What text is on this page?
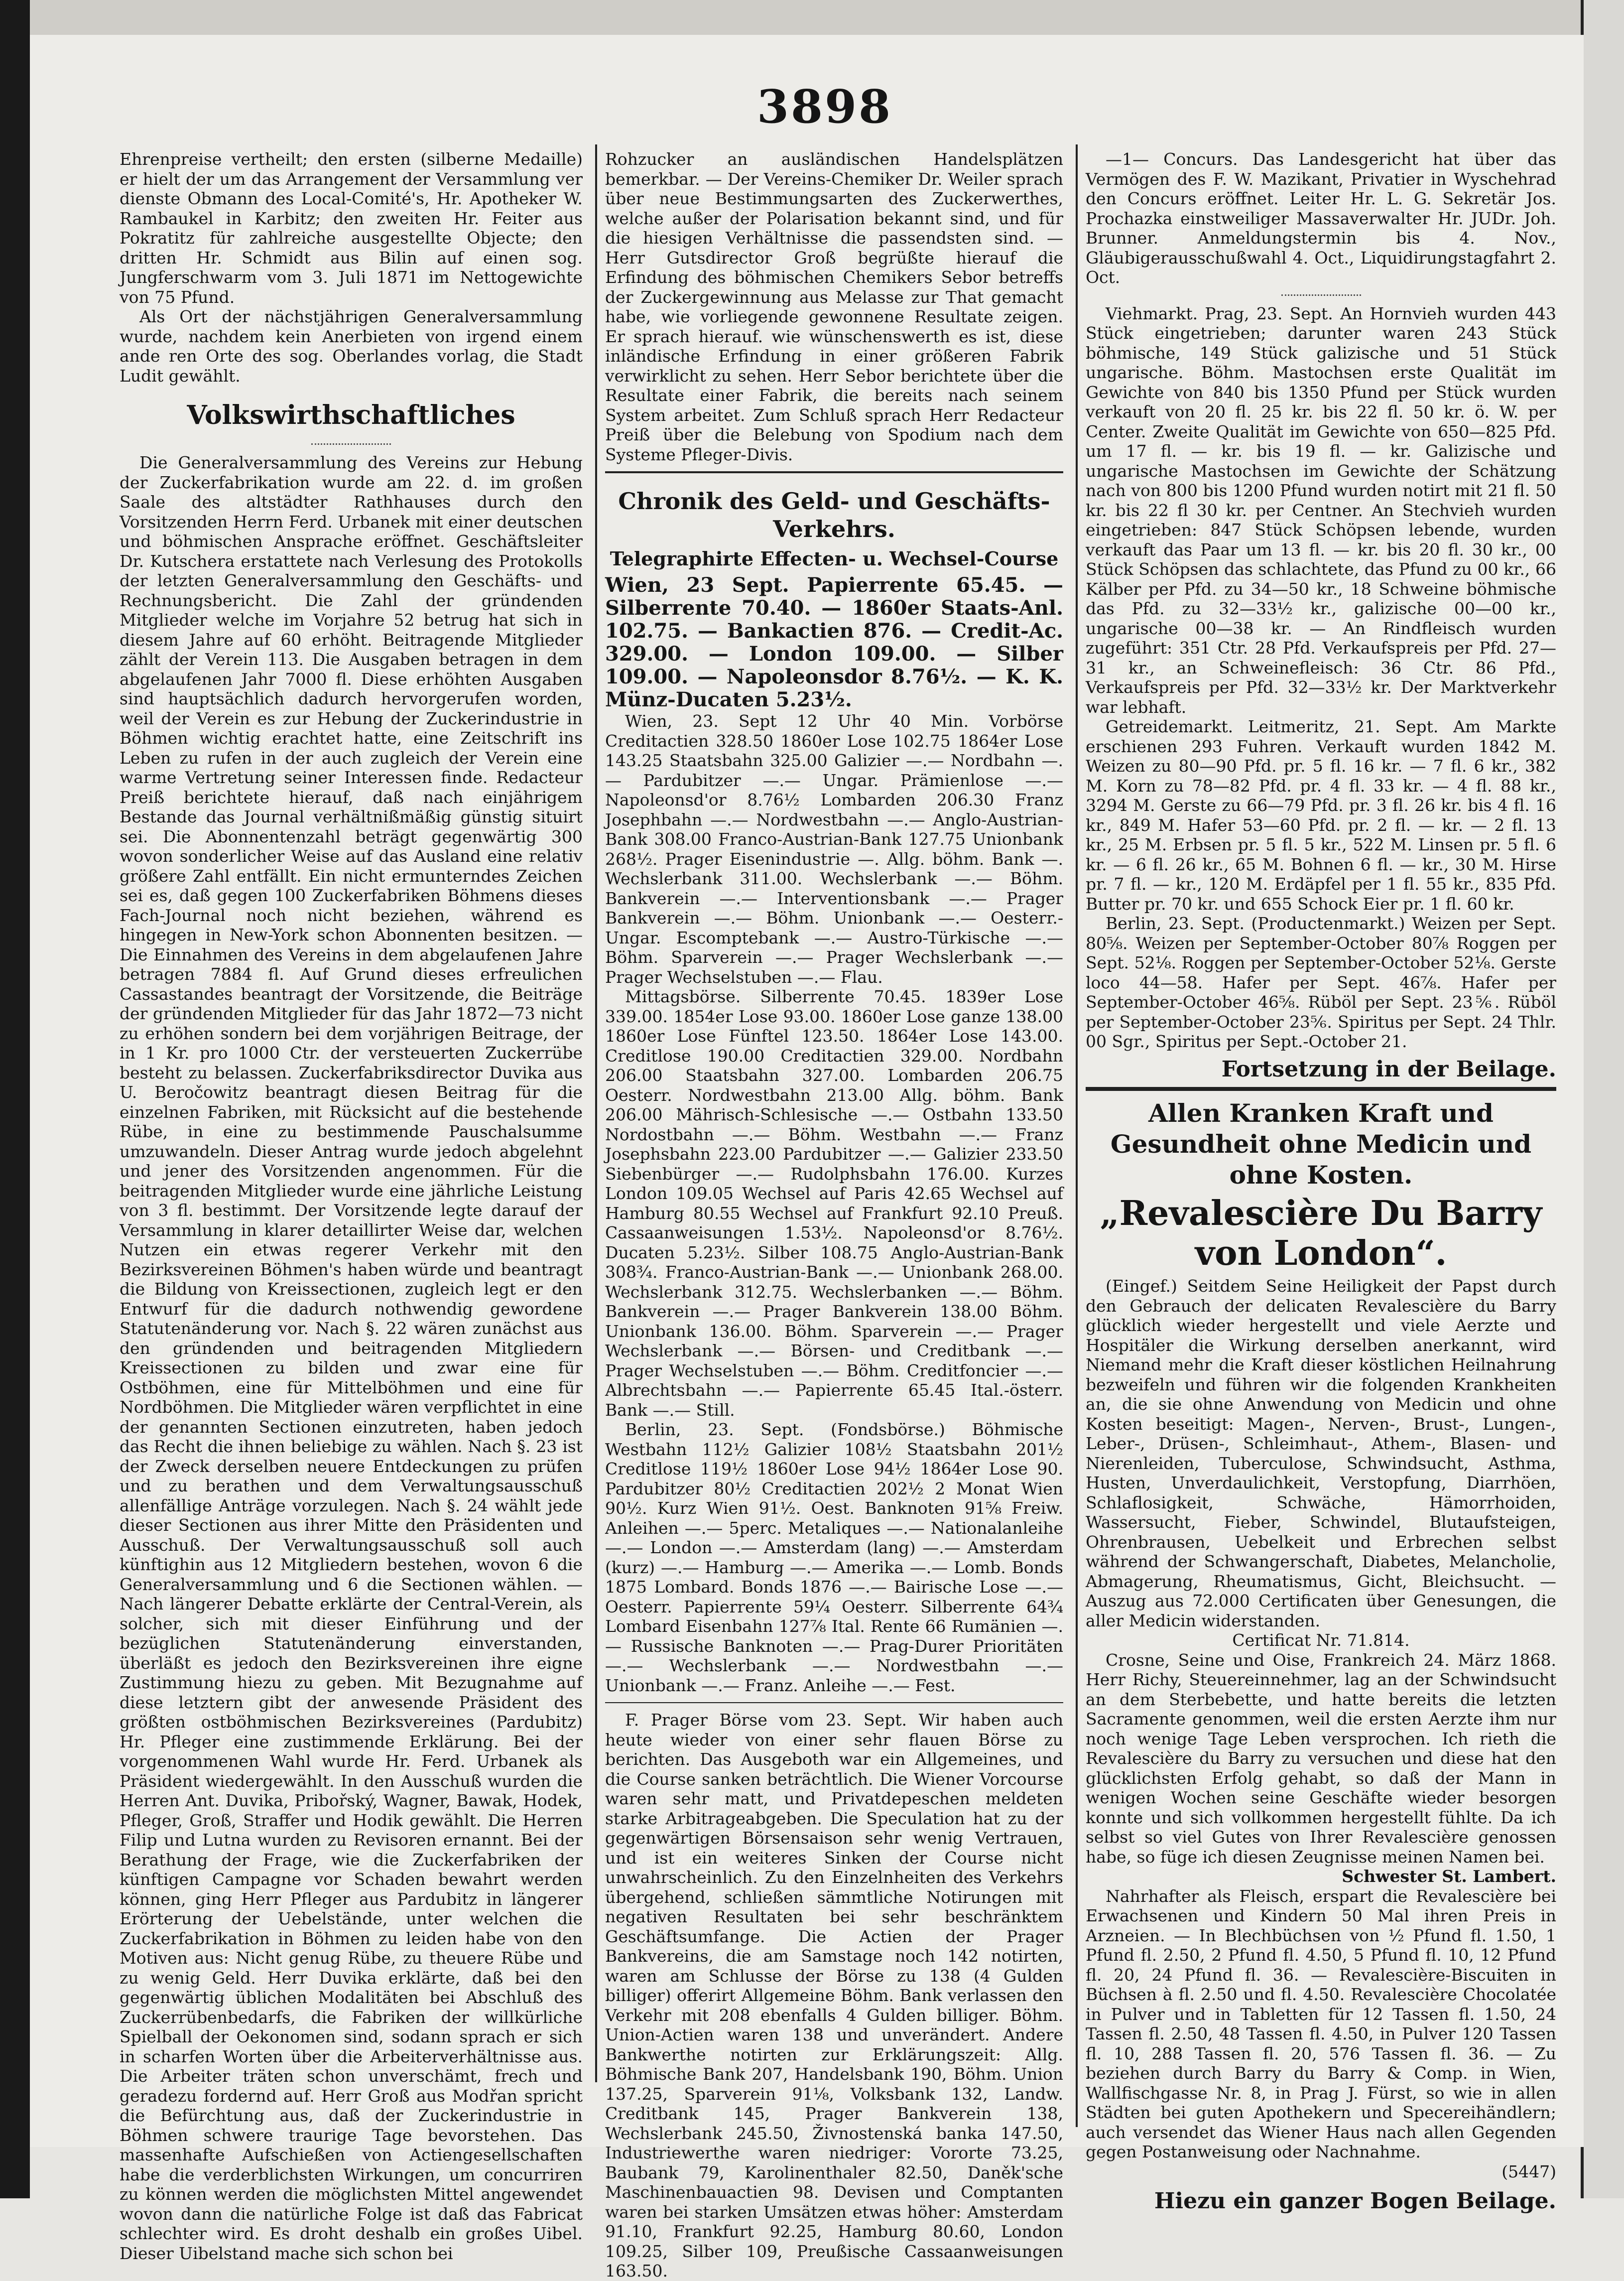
3898

Ehrenpreise vertheilt; den ersten (silberne Medaille) er hielt der um das Arrangement der Versammlung ver dienste Obmann des Local-Comité's, Hr. Apotheker W. Rambaukel in Karbitz; den zweiten Hr. Feiter aus Pokratitz für zahlreiche ausgestellte Objecte; den dritten Hr. Schmidt aus Bilin auf einen sog. Jungferschwarm vom 3. Juli 1871 im Nettogewichte von 75 Pfund.

Als Ort der nächstjährigen Generalversammlung wurde, nachdem kein Anerbieten von irgend einem ande ren Orte des sog. Oberlandes vorlag, die Stadt Ludit gewählt.

Volkswirthschaftliches

Die Generalversammlung des Vereins zur Hebung der Zuckerfabrikation wurde am 22. d. im großen Saale des altstädter Rathhauses durch den Vorsitzenden Herrn Ferd. Urbanek mit einer deutschen und böhmischen Ansprache eröffnet. Geschäftsleiter Dr. Kutschera erstattete nach Verlesung des Protokolls der letzten Generalversammlung den Geschäfts- und Rechnungsbericht. Die Zahl der gründenden Mitglieder welche im Vorjahre 52 betrug hat sich in diesem Jahre auf 60 erhöht. Beitragende Mitglieder zählt der Verein 113. Die Ausgaben betragen in dem abgelaufenen Jahr 7000 fl. Diese erhöhten Ausgaben sind hauptsächlich dadurch hervorgerufen worden, weil der Verein es zur Hebung der Zuckerindustrie in Böhmen wichtig erachtet hatte, eine Zeitschrift ins Leben zu rufen in der auch zugleich der Verein eine warme Vertretung seiner Interessen finde. Redacteur Preiß berichtete hierauf, daß nach einjährigem Bestande das Journal verhältnißmäßig günstig situirt sei. Die Abonnentenzahl beträgt gegenwärtig 300 wovon sonderlicher Weise auf das Ausland eine relativ größere Zahl entfällt. Ein nicht ermunterndes Zeichen sei es, daß gegen 100 Zuckerfabriken Böhmens dieses Fach-Journal noch nicht beziehen, während es hingegen in New-York schon Abonnenten besitzen. — Die Einnahmen des Vereins in dem abgelaufenen Jahre betragen 7884 fl. Auf Grund dieses erfreulichen Cassastandes beantragt der Vorsitzende, die Beiträge der gründenden Mitglieder für das Jahr 1872—73 nicht zu erhöhen sondern bei dem vorjährigen Beitrage, der in 1 Kr. pro 1000 Ctr. der versteuerten Zuckerrübe besteht zu belassen. Zuckerfabriksdirector Duvika aus U. Beročowitz beantragt diesen Beitrag für die einzelnen Fabriken, mit Rücksicht auf die bestehende Rübe, in eine zu bestimmende Pauschalsumme umzuwandeln. Dieser Antrag wurde jedoch abgelehnt und jener des Vorsitzenden angenommen. Für die beitragenden Mitglieder wurde eine jährliche Leistung von 3 fl. bestimmt. Der Vorsitzende legte darauf der Versammlung in klarer detaillirter Weise dar, welchen Nutzen ein etwas regerer Verkehr mit den Bezirksvereinen Böhmen's haben würde und beantragt die Bildung von Kreissectionen, zugleich legt er den Entwurf für die dadurch nothwendig gewordene Statutenänderung vor. Nach §. 22 wären zunächst aus den gründenden und beitragenden Mitgliedern Kreissectionen zu bilden und zwar eine für Ostböhmen, eine für Mittelböhmen und eine für Nordböhmen. Die Mitglieder wären verpflichtet in eine der genannten Sectionen einzutreten, haben jedoch das Recht die ihnen beliebige zu wählen. Nach §. 23 ist der Zweck derselben neuere Entdeckungen zu prüfen und zu berathen und dem Verwaltungsausschuß allenfällige Anträge vorzulegen. Nach §. 24 wählt jede dieser Sectionen aus ihrer Mitte den Präsidenten und Ausschuß. Der Verwaltungsausschuß soll auch künftighin aus 12 Mitgliedern bestehen, wovon 6 die Generalversammlung und 6 die Sectionen wählen. — Nach längerer Debatte erklärte der Central-Verein, als solcher, sich mit dieser Einführung und der bezüglichen Statutenänderung einverstanden, überläßt es jedoch den Bezirksvereinen ihre eigne Zustimmung hiezu zu geben. Mit Bezugnahme auf diese letztern gibt der anwesende Präsident des größten ostböhmischen Bezirksvereines (Pardubitz) Hr. Pfleger eine zustimmende Erklärung. Bei der vorgenommenen Wahl wurde Hr. Ferd. Urbanek als Präsident wiedergewählt. In den Ausschuß wurden die Herren Ant. Duvika, Pribořský, Wagner, Bawak, Hodek, Pfleger, Groß, Straffer und Hodik gewählt. Die Herren Filip und Lutna wurden zu Revisoren ernannt. Bei der Berathung der Frage, wie die Zuckerfabriken der künftigen Campagne vor Schaden bewahrt werden können, ging Herr Pfleger aus Pardubitz in längerer Erörterung der Uebelstände, unter welchen die Zuckerfabrikation in Böhmen zu leiden habe von den Motiven aus: Nicht genug Rübe, zu theuere Rübe und zu wenig Geld. Herr Duvika erklärte, daß bei den gegenwärtig üblichen Modalitäten bei Abschluß des Zuckerrübenbedarfs, die Fabriken der willkürliche Spielball der Oekonomen sind, sodann sprach er sich in scharfen Worten über die Arbeiterverhältnisse aus. Die Arbeiter träten schon unverschämt, frech und geradezu fordernd auf. Herr Groß aus Modřan spricht die Befürchtung aus, daß der Zuckerindustrie in Böhmen schwere traurige Tage bevorstehen. Das massenhafte Aufschießen von Actiengesellschaften habe die verderblichsten Wirkungen, um concurriren zu können werden die möglichsten Mittel angewendet wovon dann die natürliche Folge ist daß das Fabricat schlechter wird. Es droht deshalb ein großes Uibel. Dieser Uibelstand mache sich schon bei

Rohzucker an ausländischen Handelsplätzen bemerkbar. — Der Vereins-Chemiker Dr. Weiler sprach über neue Bestimmungsarten des Zuckerwerthes, welche außer der Polarisation bekannt sind, und für die hiesigen Verhältnisse die passendsten sind. — Herr Gutsdirector Groß begrüßte hierauf die Erfindung des böhmischen Chemikers Sebor betreffs der Zuckergewinnung aus Melasse zur That gemacht habe, wie vorliegende gewonnene Resultate zeigen. Er sprach hierauf. wie wünschenswerth es ist, diese inländische Erfindung in einer größeren Fabrik verwirklicht zu sehen. Herr Sebor berichtete über die Resultate einer Fabrik, die bereits nach seinem System arbeitet. Zum Schluß sprach Herr Redacteur Preiß über die Belebung von Spodium nach dem Systeme Pfleger-Divis.

Chronik des Geld- und Geschäfts-Verkehrs.
Telegraphirte Effecten- u. Wechsel-Course

Wien, 23 Sept. Papierrente 65.45. — Silberrente 70.40. — 1860er Staats-Anl. 102.75. — Bankactien 876. — Credit-Ac. 329.00. — London 109.00. — Silber 109.00. — Napoleonsdor 8.76½. — K. K. Münz-Ducaten 5.23½.

Wien, 23. Sept 12 Uhr 40 Min. Vorbörse Creditactien 328.50 1860er Lose 102.75 1864er Lose 143.25 Staatsbahn 325.00 Galizier —.— Nordbahn —.— Pardubitzer —.— Ungar. Prämienlose —.— Napoleonsd'or 8.76½ Lombarden 206.30 Franz Josephbahn —.— Nordwestbahn —.— Anglo-Austrian-Bank 308.00 Franco-Austrian-Bank 127.75 Unionbank 268½. Prager Eisenindustrie —. Allg. böhm. Bank —. Wechslerbank 311.00. Wechslerbank —.— Böhm. Bankverein —.— Interventionsbank —.— Prager Bankverein —.— Böhm. Unionbank —.— Oesterr.-Ungar. Escomptebank —.— Austro-Türkische —.— Böhm. Sparverein —.— Prager Wechslerbank —.— Prager Wechselstuben —.— Flau.

Mittagsbörse. Silberrente 70.45. 1839er Lose 339.00. 1854er Lose 93.00. 1860er Lose ganze 138.00 1860er Lose Fünftel 123.50. 1864er Lose 143.00. Creditlose 190.00 Creditactien 329.00. Nordbahn 206.00 Staatsbahn 327.00. Lombarden 206.75 Oesterr. Nordwestbahn 213.00 Allg. böhm. Bank 206.00 Mährisch-Schlesische —.— Ostbahn 133.50 Nordostbahn —.— Böhm. Westbahn —.— Franz Josephsbahn 223.00 Pardubitzer —.— Galizier 233.50 Siebenbürger —.— Rudolphsbahn 176.00. Kurzes London 109.05 Wechsel auf Paris 42.65 Wechsel auf Hamburg 80.55 Wechsel auf Frankfurt 92.10 Preuß. Cassaanweisungen 1.53½. Napoleonsd'or 8.76½. Ducaten 5.23½. Silber 108.75 Anglo-Austrian-Bank 308¾. Franco-Austrian-Bank —.— Unionbank 268.00. Wechslerbank 312.75. Wechslerbanken —.— Böhm. Bankverein —.— Prager Bankverein 138.00 Böhm. Unionbank 136.00. Böhm. Sparverein —.— Prager Wechslerbank —.— Börsen- und Creditbank —.— Prager Wechselstuben —.— Böhm. Creditfoncier —.— Albrechtsbahn —.— Papierrente 65.45 Ital.-österr. Bank —.— Still.

Berlin, 23. Sept. (Fondsbörse.) Böhmische Westbahn 112½ Galizier 108½ Staatsbahn 201½ Creditlose 119½ 1860er Lose 94½ 1864er Lose 90. Pardubitzer 80½ Creditactien 202½ 2 Monat Wien 90½. Kurz Wien 91½. Oest. Banknoten 91⅝ Freiw. Anleihen —.— 5perc. Metaliques —.— Nationalanleihe —.— London —.— Amsterdam (lang) —.— Amsterdam (kurz) —.— Hamburg —.— Amerika —.— Lomb. Bonds 1875 Lombard. Bonds 1876 —.— Bairische Lose —.— Oesterr. Papierrente 59¼ Oesterr. Silberrente 64¾ Lombard Eisenbahn 127⅞ Ital. Rente 66 Rumänien —.— Russische Banknoten —.— Prag-Durer Prioritäten —.— Wechslerbank —.— Nordwestbahn —.— Unionbank —.— Franz. Anleihe —.— Fest.

F. Prager Börse vom 23. Sept. Wir haben auch heute wieder von einer sehr flauen Börse zu berichten. Das Ausgeboth war ein Allgemeines, und die Course sanken beträchtlich. Die Wiener Vorcourse waren sehr matt, und Privatdepeschen meldeten starke Arbitrageabgeben. Die Speculation hat zu der gegenwärtigen Börsensaison sehr wenig Vertrauen, und ist ein weiteres Sinken der Course nicht unwahrscheinlich. Zu den Einzelnheiten des Verkehrs übergehend, schließen sämmtliche Notirungen mit negativen Resultaten bei sehr beschränktem Geschäftsumfange. Die Actien der Prager Bankvereins, die am Samstage noch 142 notirten, waren am Schlusse der Börse zu 138 (4 Gulden billiger) offerirt Allgemeine Böhm. Bank verlassen den Verkehr mit 208 ebenfalls 4 Gulden billiger. Böhm. Union-Actien waren 138 und unverändert. Andere Bankwerthe notirten zur Erklärungszeit: Allg. Böhmische Bank 207, Handelsbank 190, Böhm. Union 137.25, Sparverein 91⅛, Volksbank 132, Landw. Creditbank 145, Prager Bankverein 138, Wechslerbank 245.50, Živnostenská banka 147.50, Industriewerthe waren niedriger: Vororte 73.25, Baubank 79, Karolinenthaler 82.50, Daněk'sche Maschinenbauactien 98. Devisen und Comptanten waren bei starken Umsätzen etwas höher: Amsterdam 91.10, Frankfurt 92.25, Hamburg 80.60, London 109.25, Silber 109, Preußische Cassaanweisungen 163.50.

—1— Concurs. Das Landesgericht hat über das Vermögen des F. W. Mazikant, Privatier in Wyschehrad den Concurs eröffnet. Leiter Hr. L. G. Sekretär Jos. Prochazka einstweiliger Massaverwalter Hr. JUDr. Joh. Brunner. Anmeldungstermin bis 4. Nov., Gläubigerausschußwahl 4. Oct., Liquidirungstagfahrt 2. Oct.

Viehmarkt. Prag, 23. Sept. An Hornvieh wurden 443 Stück eingetrieben; darunter waren 243 Stück böhmische, 149 Stück galizische und 51 Stück ungarische. Böhm. Mastochsen erste Qualität im Gewichte von 840 bis 1350 Pfund per Stück wurden verkauft von 20 fl. 25 kr. bis 22 fl. 50 kr. ö. W. per Center. Zweite Qualität im Gewichte von 650—825 Pfd. um 17 fl. — kr. bis 19 fl. — kr. Galizische und ungarische Mastochsen im Gewichte der Schätzung nach von 800 bis 1200 Pfund wurden notirt mit 21 fl. 50 kr. bis 22 fl 30 kr. per Centner. An Stechvieh wurden eingetrieben: 847 Stück Schöpsen lebende, wurden verkauft das Paar um 13 fl. — kr. bis 20 fl. 30 kr., 00 Stück Schöpsen das schlachtete, das Pfund zu 00 kr., 66 Kälber per Pfd. zu 34—50 kr., 18 Schweine böhmische das Pfd. zu 32—33½ kr., galizische 00—00 kr., ungarische 00—38 kr. — An Rindfleisch wurden zugeführt: 351 Ctr. 28 Pfd. Verkaufspreis per Pfd. 27—31 kr., an Schweinefleisch: 36 Ctr. 86 Pfd., Verkaufspreis per Pfd. 32—33½ kr. Der Marktverkehr war lebhaft.

Getreidemarkt. Leitmeritz, 21. Sept. Am Markte erschienen 293 Fuhren. Verkauft wurden 1842 M. Weizen zu 80—90 Pfd. pr. 5 fl. 16 kr. — 7 fl. 6 kr., 382 M. Korn zu 78—82 Pfd. pr. 4 fl. 33 kr. — 4 fl. 88 kr., 3294 M. Gerste zu 66—79 Pfd. pr. 3 fl. 26 kr. bis 4 fl. 16 kr., 849 M. Hafer 53—60 Pfd. pr. 2 fl. — kr. — 2 fl. 13 kr., 25 M. Erbsen pr. 5 fl. 5 kr., 522 M. Linsen pr. 5 fl. 6 kr. — 6 fl. 26 kr., 65 M. Bohnen 6 fl. — kr., 30 M. Hirse pr. 7 fl. — kr., 120 M. Erdäpfel per 1 fl. 55 kr., 835 Pfd. Butter pr. 70 kr. und 655 Schock Eier pr. 1 fl. 60 kr.

Berlin, 23. Sept. (Productenmarkt.) Weizen per Sept. 80⅝. Weizen per September-October 80⅞ Roggen per Sept. 52⅛. Roggen per September-October 52⅛. Gerste loco 44—58. Hafer per Sept. 46⅞. Hafer per September-October 46⅝. Rüböl per Sept. 23⅚. Rüböl per September-October 23⅚. Spiritus per Sept. 24 Thlr. 00 Sgr., Spiritus per Sept.-October 21.

Fortsetzung in der Beilage.
Allen Kranken Kraft und Gesundheit ohne Medicin und ohne Kosten.
„Revalescière Du Barry von London“.

(Eingef.) Seitdem Seine Heiligkeit der Papst durch den Gebrauch der delicaten Revalescière du Barry glücklich wieder hergestellt und viele Aerzte und Hospitäler die Wirkung derselben anerkannt, wird Niemand mehr die Kraft dieser köstlichen Heilnahrung bezweifeln und führen wir die folgenden Krankheiten an, die sie ohne Anwendung von Medicin und ohne Kosten beseitigt: Magen-, Nerven-, Brust-, Lungen-, Leber-, Drüsen-, Schleimhaut-, Athem-, Blasen- und Nierenleiden, Tuberculose, Schwindsucht, Asthma, Husten, Unverdaulichkeit, Verstopfung, Diarrhöen, Schlaflosigkeit, Schwäche, Hämorrhoiden, Wassersucht, Fieber, Schwindel, Blutaufsteigen, Ohrenbrausen, Uebelkeit und Erbrechen selbst während der Schwangerschaft, Diabetes, Melancholie, Abmagerung, Rheumatismus, Gicht, Bleichsucht. — Auszug aus 72.000 Certificaten über Genesungen, die aller Medicin widerstanden.

Certificat Nr. 71.814.

Crosne, Seine und Oise, Frankreich 24. März 1868. Herr Richy, Steuereinnehmer, lag an der Schwindsucht an dem Sterbebette, und hatte bereits die letzten Sacramente genommen, weil die ersten Aerzte ihm nur noch wenige Tage Leben versprochen. Ich rieth die Revalescière du Barry zu versuchen und diese hat den glücklichsten Erfolg gehabt, so daß der Mann in wenigen Wochen seine Geschäfte wieder besorgen konnte und sich vollkommen hergestellt fühlte. Da ich selbst so viel Gutes von Ihrer Revalescière genossen habe, so füge ich diesen Zeugnisse meinen Namen bei.

Schwester St. Lambert.

Nahrhafter als Fleisch, erspart die Revalescière bei Erwachsenen und Kindern 50 Mal ihren Preis in Arzneien. — In Blechbüchsen von ½ Pfund fl. 1.50, 1 Pfund fl. 2.50, 2 Pfund fl. 4.50, 5 Pfund fl. 10, 12 Pfund fl. 20, 24 Pfund fl. 36. — Revalescière-Biscuiten in Büchsen à fl. 2.50 und fl. 4.50. Revalescière Chocolatée in Pulver und in Tabletten für 12 Tassen fl. 1.50, 24 Tassen fl. 2.50, 48 Tassen fl. 4.50, in Pulver 120 Tassen fl. 10, 288 Tassen fl. 20, 576 Tassen fl. 36. — Zu beziehen durch Barry du Barry & Comp. in Wien, Wallfischgasse Nr. 8, in Prag J. Fürst, so wie in allen Städten bei guten Apothekern und Specereihändlern; auch versendet das Wiener Haus nach allen Gegenden gegen Postanweisung oder Nachnahme.

(5447)

Hiezu ein ganzer Bogen Beilage.
